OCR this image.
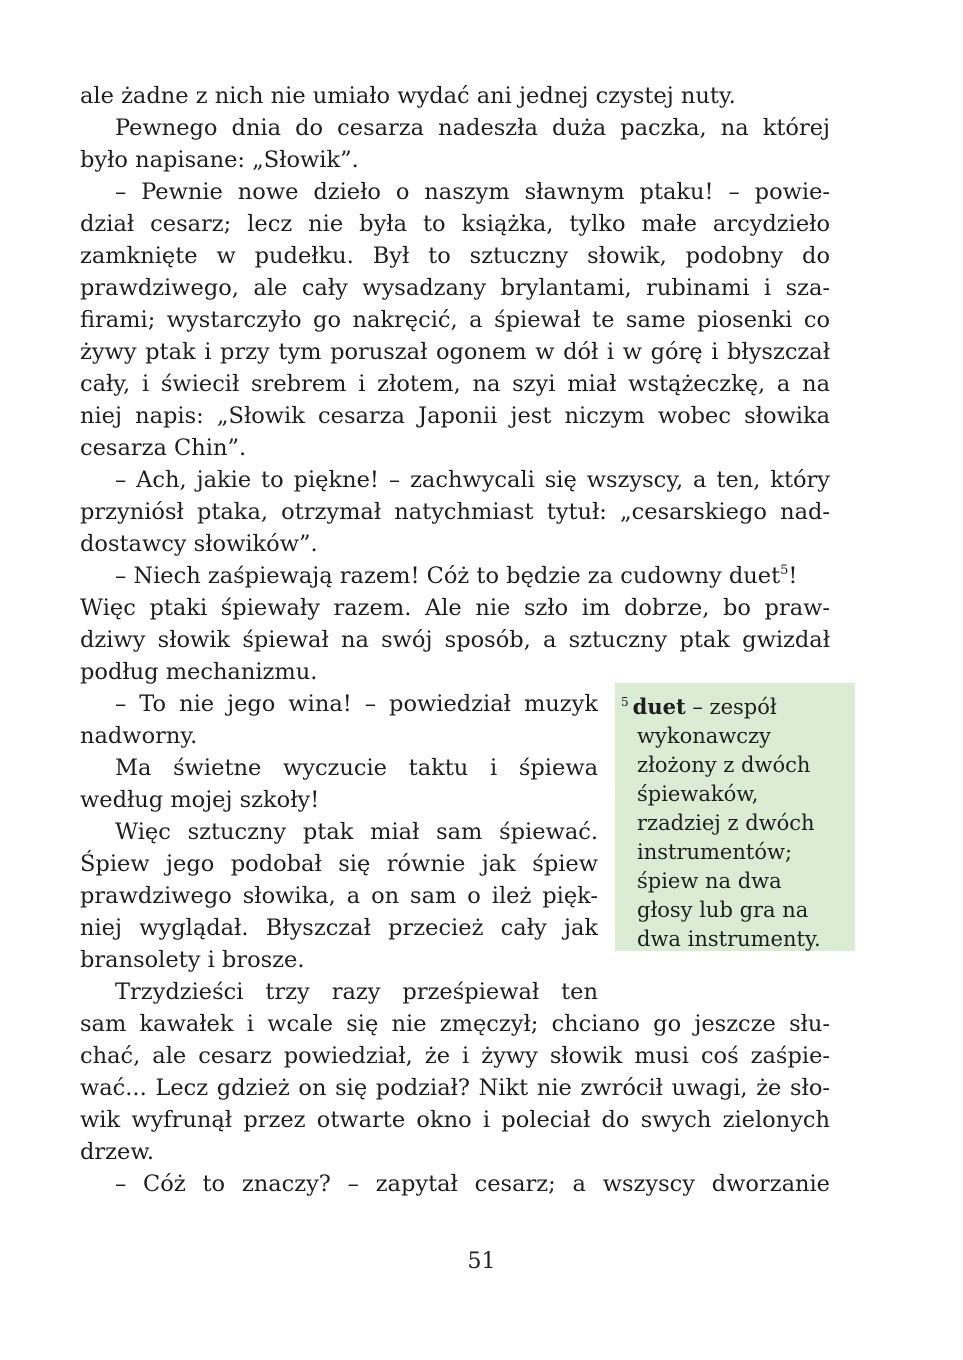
ale żadne z nich nie umiało wydać ani jednej czystej nuty.
Pewnego dnia do cesarza nadeszła duża paczka, na której
było napisane: „Słowik”.
– Pewnie nowe dzieło o naszym sławnym ptaku! – powie-
dział cesarz; lecz nie była to książka, tylko małe arcydzieło
zamknięte w pudełku. Był to sztuczny słowik, podobny do
prawdziwego, ale cały wysadzany brylantami, rubinami i sza-
firami; wystarczyło go nakręcić, a śpiewał te same piosenki co
żywy ptak i przy tym poruszał ogonem w dół i w górę i błyszczał
cały, i świecił srebrem i złotem, na szyi miał wstążeczkę, a na
niej napis: „Słowik cesarza Japonii jest niczym wobec słowika
cesarza Chin”.
– Ach, jakie to piękne! – zachwycali się wszyscy, a ten, który
przyniósł ptaka, otrzymał natychmiast tytuł: „cesarskiego nad-
dostawcy słowików”.
– Niech zaśpiewają razem! Cóż to będzie za cudowny duet$^5$!
Więc ptaki śpiewały razem. Ale nie szło im dobrze, bo praw-
dziwy słowik śpiewał na swój sposób, a sztuczny ptak gwizdał
podług mechanizmu.
– To nie jego wina! – powiedział muzyk
nadworny.
Ma świetne wyczucie taktu i śpiewa
według mojej szkoły!
Więc sztuczny ptak miał sam śpiewać.
Śpiew jego podobał się równie jak śpiew
prawdziwego słowika, a on sam o ileż pięk-
niej wyglądał. Błyszczał przecież cały jak
bransolety i brosze.
Trzydzieści trzy razy prześpiewał ten
sam kawałek i wcale się nie zmęczył; chciano go jeszcze słu-
chać, ale cesarz powiedział, że i żywy słowik musi coś zaśpie-
wać... Lecz gdzież on się podział? Nikt nie zwrócił uwagi, że sło-
wik wyfrunął przez otwarte okno i poleciał do swych zielonych
drzew.
– Cóż to znaczy? – zapytał cesarz; a wszyscy dworzanie
$^5$ duet – zespół
wykonawczy
złożony z dwóch
śpiewaków,
rzadziej z dwóch
instrumentów;
śpiew na dwa
głosy lub gra na
dwa instrumenty.
51
